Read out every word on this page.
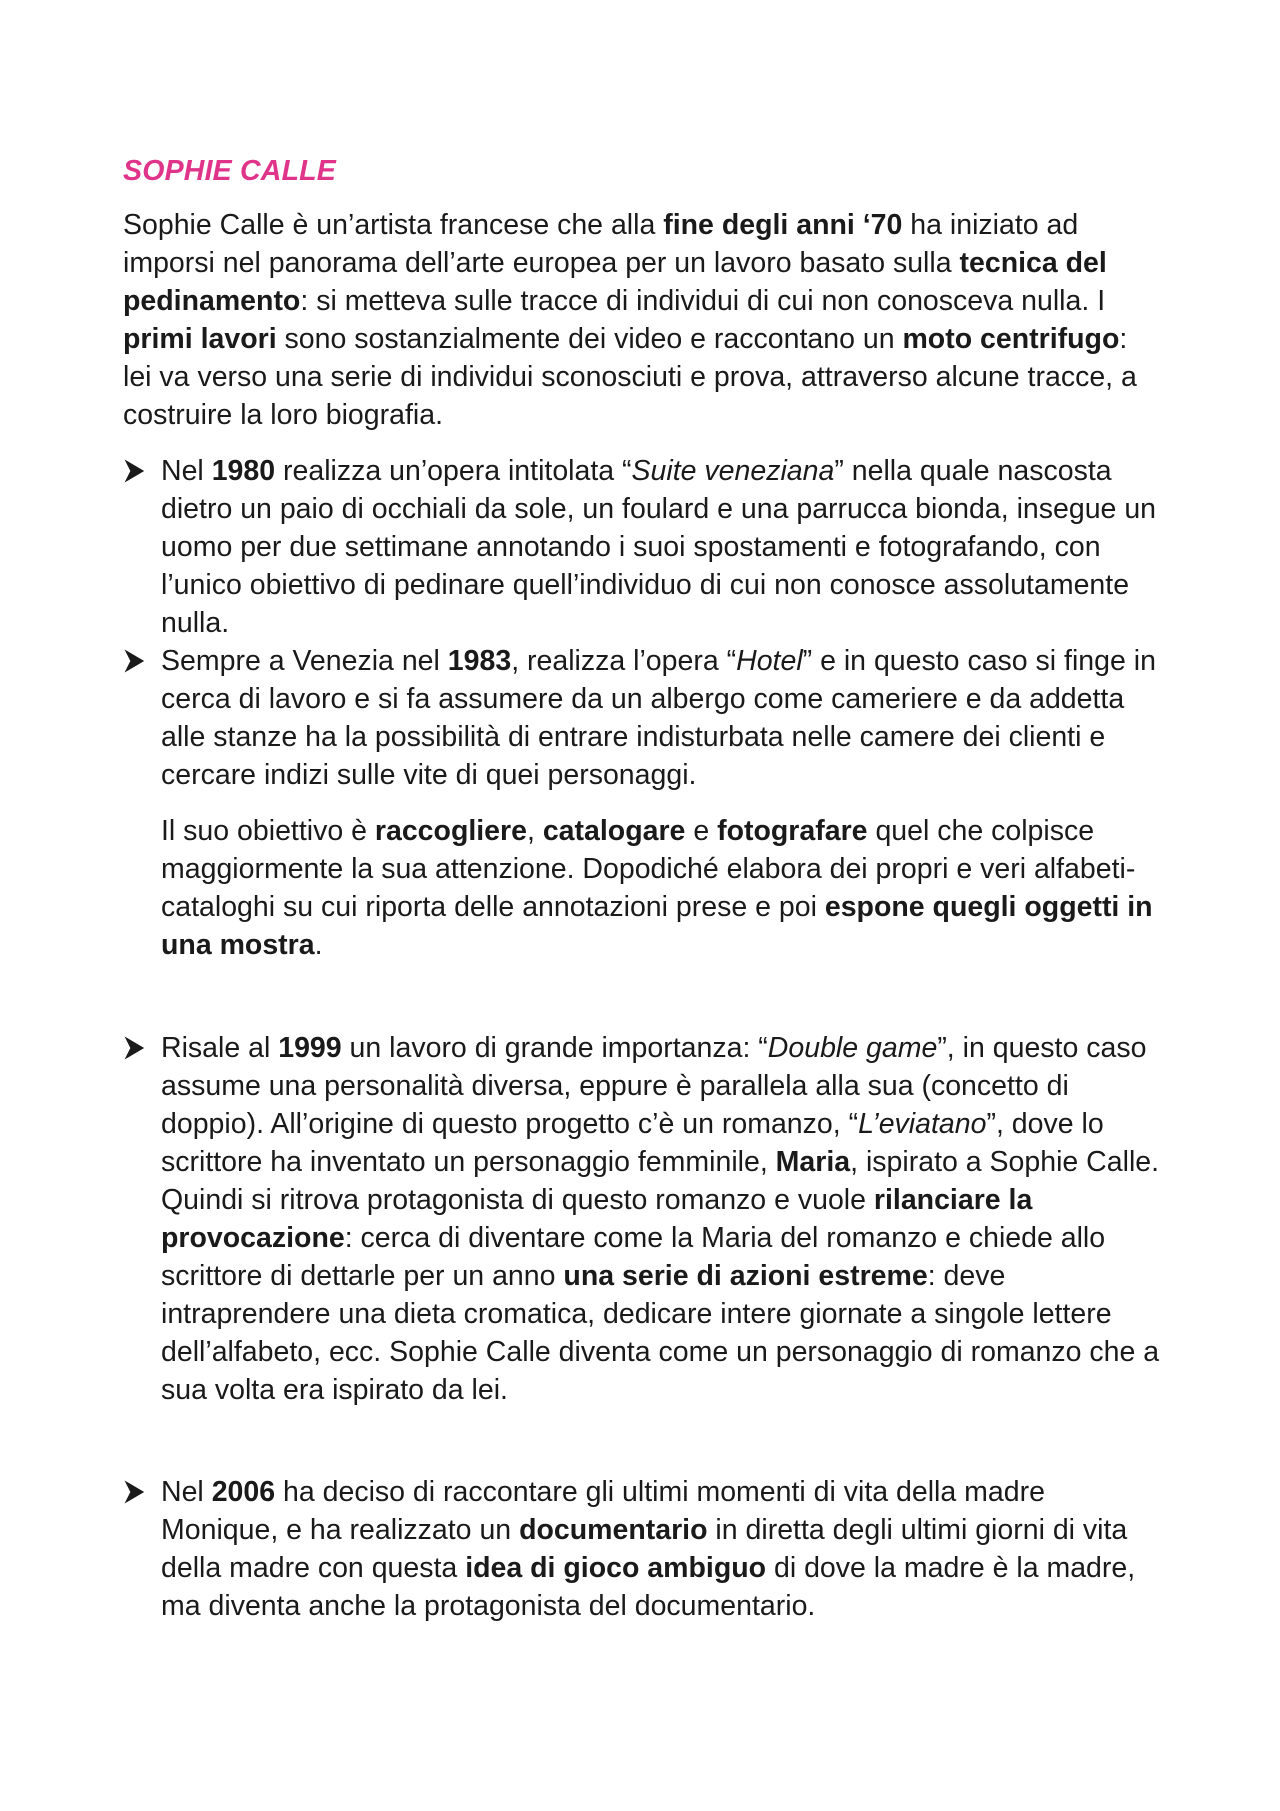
SOPHIE CALLE

Sophie Calle è un’artista francese che alla fine degli anni ‘70 ha iniziato ad imporsi nel panorama dell’arte europea per un lavoro basato sulla tecnica del pedinamento: si metteva sulle tracce di individui di cui non conosceva nulla. I primi lavori sono sostanzialmente dei video e raccontano un moto centrifugo: lei va verso una serie di individui sconosciuti e prova, attraverso alcune tracce, a costruire la loro biografia.

Nel 1980 realizza un’opera intitolata “Suite veneziana” nella quale nascosta dietro un paio di occhiali da sole, un foulard e una parrucca bionda, insegue un uomo per due settimane annotando i suoi spostamenti e fotografando, con l’unico obiettivo di pedinare quell’individuo di cui non conosce assolutamente nulla.

Sempre a Venezia nel 1983, realizza l’opera “Hotel” e in questo caso si finge in cerca di lavoro e si fa assumere da un albergo come cameriere e da addetta alle stanze ha la possibilità di entrare indisturbata nelle camere dei clienti e cercare indizi sulle vite di quei personaggi.

Il suo obiettivo è raccogliere, catalogare e fotografare quel che colpisce maggiormente la sua attenzione. Dopodiché elabora dei propri e veri alfabeti-cataloghi su cui riporta delle annotazioni prese e poi espone quegli oggetti in una mostra.

Risale al 1999 un lavoro di grande importanza: “Double game”, in questo caso assume una personalità diversa, eppure è parallela alla sua (concetto di doppio). All’origine di questo progetto c’è un romanzo, “L’eviatano”, dove lo scrittore ha inventato un personaggio femminile, Maria, ispirato a Sophie Calle. Quindi si ritrova protagonista di questo romanzo e vuole rilanciare la provocazione: cerca di diventare come la Maria del romanzo e chiede allo scrittore di dettarle per un anno una serie di azioni estreme: deve intraprendere una dieta cromatica, dedicare intere giornate a singole lettere dell’alfabeto, ecc. Sophie Calle diventa come un personaggio di romanzo che a sua volta era ispirato da lei.

Nel 2006 ha deciso di raccontare gli ultimi momenti di vita della madre Monique, e ha realizzato un documentario in diretta degli ultimi giorni di vita della madre con questa idea di gioco ambiguo di dove la madre è la madre, ma diventa anche la protagonista del documentario.
